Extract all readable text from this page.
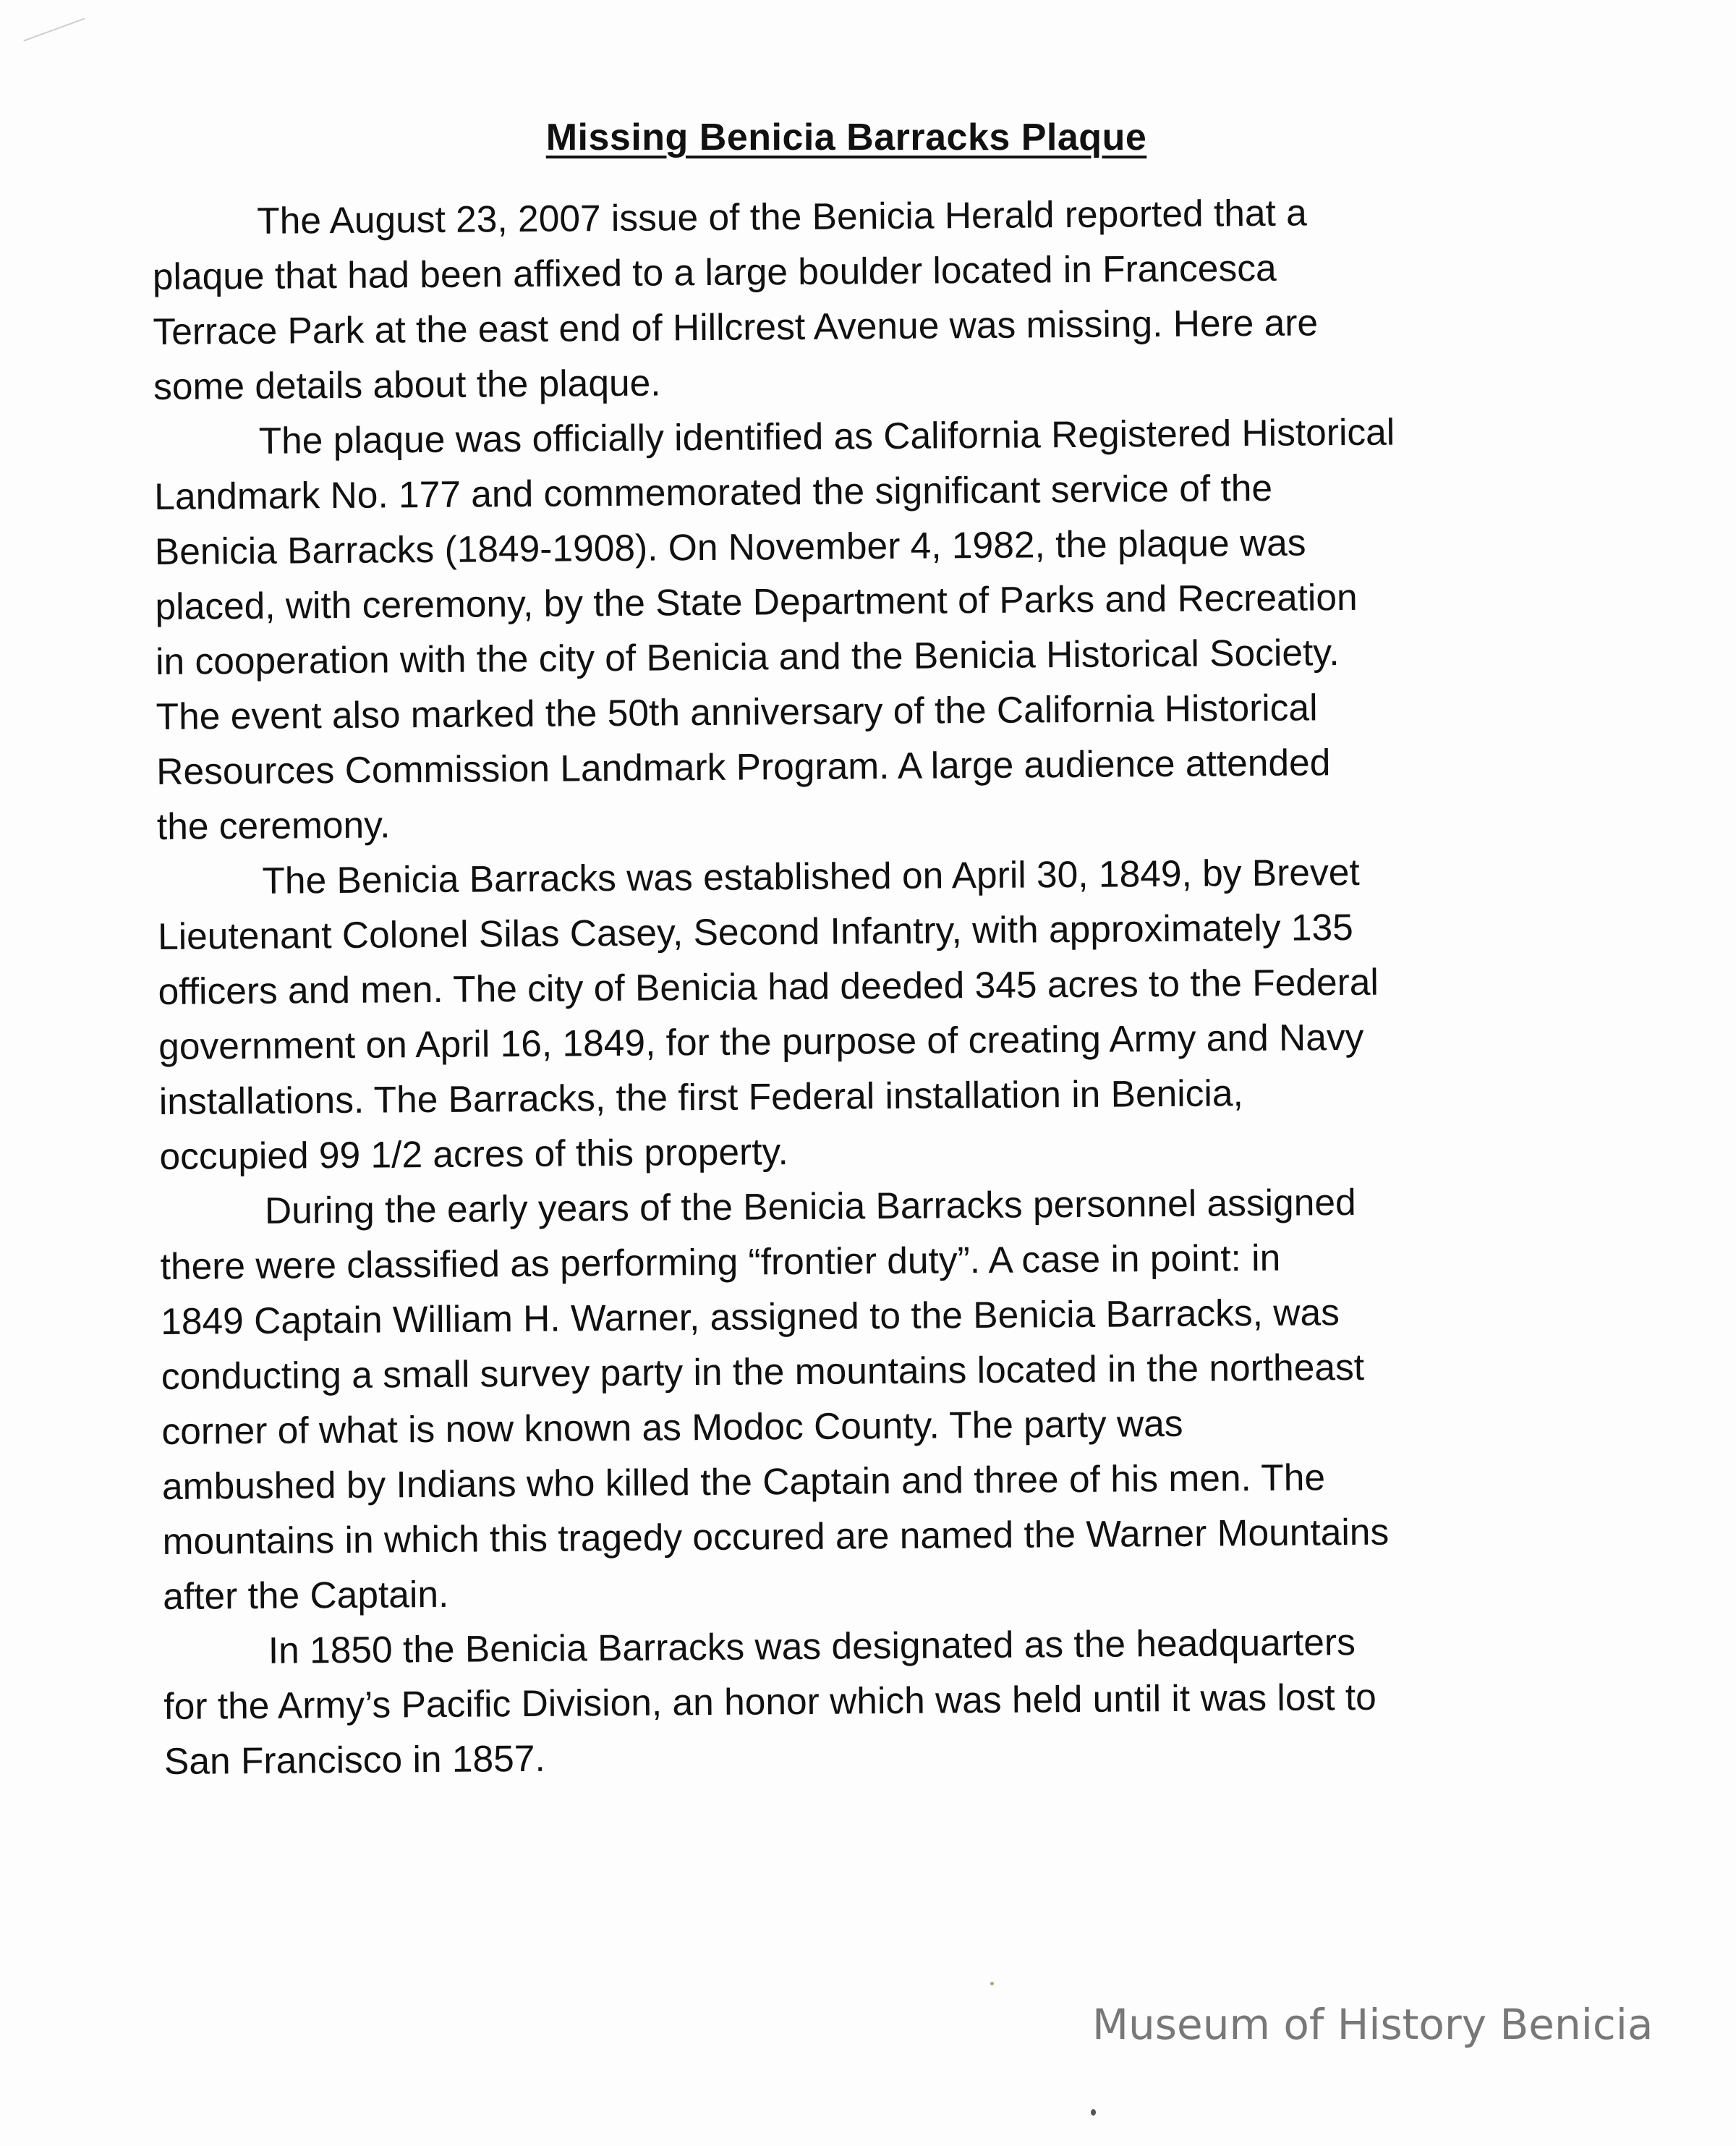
Missing Benicia Barracks Plaque

The August 23, 2007 issue of the Benicia Herald reported that a
plaque that had been affixed to a large boulder located in Francesca
Terrace Park at the east end of Hillcrest Avenue was missing. Here are
some details about the plaque.

The plaque was officially identified as California Registered Historical
Landmark No. 177 and commemorated the significant service of the
Benicia Barracks (1849-1908). On November 4, 1982, the plaque was
placed, with ceremony, by the State Department of Parks and Recreation
in cooperation with the city of Benicia and the Benicia Historical Society.
The event also marked the 50th anniversary of the California Historical
Resources Commission Landmark Program. A large audience attended
the ceremony.

The Benicia Barracks was established on April 30, 1849, by Brevet
Lieutenant Colonel Silas Casey, Second Infantry, with approximately 135
officers and men. The city of Benicia had deeded 345 acres to the Federal
government on April 16, 1849, for the purpose of creating Army and Navy
installations. The Barracks, the first Federal installation in Benicia,
occupied 99 1/2 acres of this property.

During the early years of the Benicia Barracks personnel assigned
there were classified as performing “frontier duty”. A case in point: in
1849 Captain William H. Warner, assigned to the Benicia Barracks, was
conducting a small survey party in the mountains located in the northeast
corner of what is now known as Modoc County. The party was
ambushed by Indians who killed the Captain and three of his men. The
mountains in which this tragedy occured are named the Warner Mountains
after the Captain.

In 1850 the Benicia Barracks was designated as the headquarters
for the Army’s Pacific Division, an honor which was held until it was lost to
San Francisco in 1857.

Museum of History Benicia
